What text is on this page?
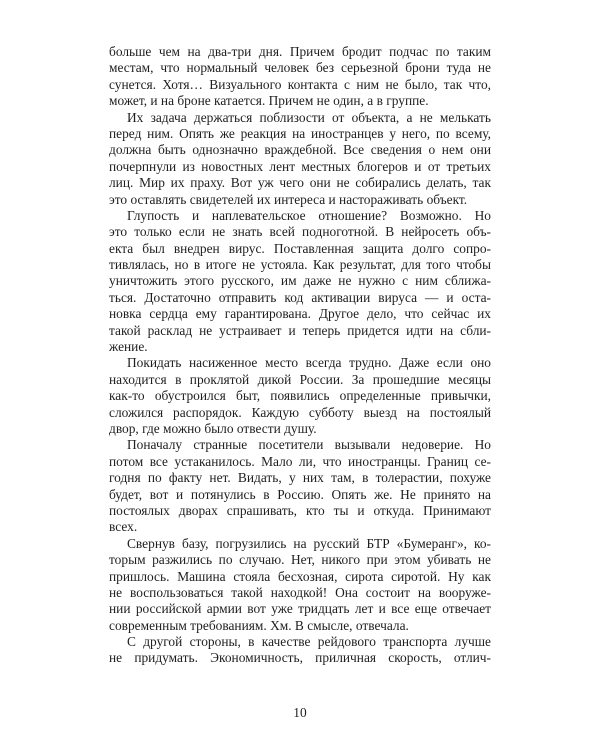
больше чем на два-три дня. Причем бродит подчас по таким
местам, что нормальный человек без серьезной брони туда не
сунется. Хотя… Визуального контакта с ним не было, так что,
может, и на броне катается. Причем не один, а в группе.
Их задача держаться поблизости от объекта, а не мелькать
перед ним. Опять же реакция на иностранцев у него, по всему,
должна быть однозначно враждебной. Все сведения о нем они
почерпнули из новостных лент местных блогеров и от третьих
лиц. Мир их праху. Вот уж чего они не собирались делать, так
это оставлять свидетелей их интереса и настораживать объект.
Глупость и наплевательское отношение? Возможно. Но
это только если не знать всей подноготной. В нейросеть объ-
екта был внедрен вирус. Поставленная защита долго сопро-
тивлялась, но в итоге не устояла. Как результат, для того чтобы
уничтожить этого русского, им даже не нужно с ним сближа-
ться. Достаточно отправить код активации вируса — и оста-
новка сердца ему гарантирована. Другое дело, что сейчас их
такой расклад не устраивает и теперь придется идти на сбли-
жение.
Покидать насиженное место всегда трудно. Даже если оно
находится в проклятой дикой России. За прошедшие месяцы
как-то обустроился быт, появились определенные привычки,
сложился распорядок. Каждую субботу выезд на постоялый
двор, где можно было отвести душу.
Поначалу странные посетители вызывали недоверие. Но
потом все устаканилось. Мало ли, что иностранцы. Границ се-
годня по факту нет. Видать, у них там, в толерастии, похуже
будет, вот и потянулись в Россию. Опять же. Не принято на
постоялых дворах спрашивать, кто ты и откуда. Принимают
всех.
Свернув базу, погрузились на русский БТР «Бумеранг», ко-
торым разжились по случаю. Нет, никого при этом убивать не
пришлось. Машина стояла бесхозная, сирота сиротой. Ну как
не воспользоваться такой находкой! Она состоит на вооруже-
нии российской армии вот уже тридцать лет и все еще отвечает
современным требованиям. Хм. В смысле, отвечала.
С другой стороны, в качестве рейдового транспорта лучше
не придумать. Экономичность, приличная скорость, отлич-
10
